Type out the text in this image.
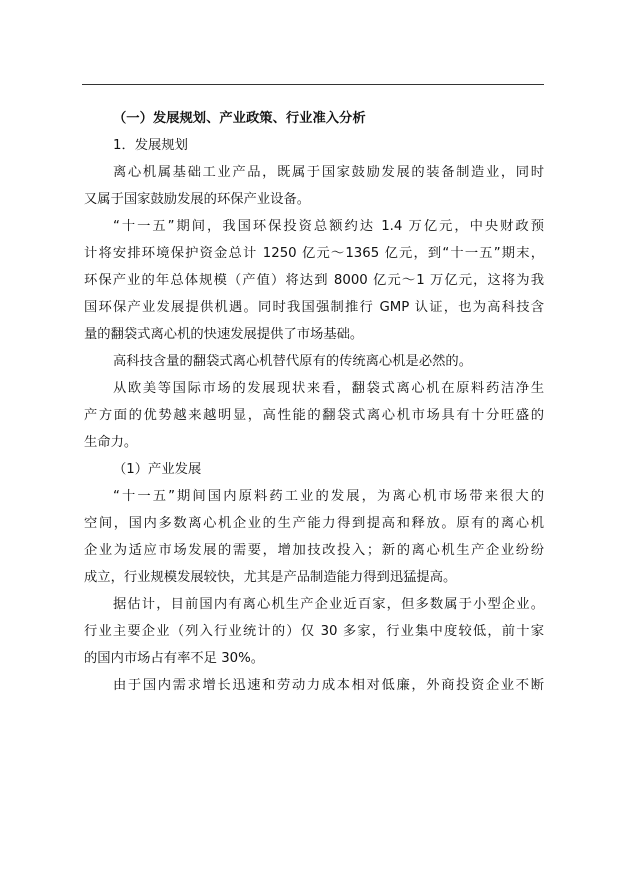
（一）发展规划、产业政策、行业准入分析
1．发展规划
离心机属基础工业产品，既属于国家鼓励发展的装备制造业，同时
又属于国家鼓励发展的环保产业设备。
“十一五”期间，我国环保投资总额约达 1.4 万亿元，中央财政预
计将安排环境保护资金总计 1250 亿元～1365 亿元，到“十一五”期末，
环保产业的年总体规模（产值）将达到 8000 亿元～1 万亿元，这将为我
国环保产业发展提供机遇。同时我国强制推行 GMP 认证，也为高科技含
量的翻袋式离心机的快速发展提供了市场基础。
高科技含量的翻袋式离心机替代原有的传统离心机是必然的。
从欧美等国际市场的发展现状来看，翻袋式离心机在原料药洁净生
产方面的优势越来越明显，高性能的翻袋式离心机市场具有十分旺盛的
生命力。
（1）产业发展
“十一五”期间国内原料药工业的发展，为离心机市场带来很大的
空间，国内多数离心机企业的生产能力得到提高和释放。原有的离心机
企业为适应市场发展的需要，增加技改投入；新的离心机生产企业纷纷
成立，行业规模发展较快，尤其是产品制造能力得到迅猛提高。
据估计，目前国内有离心机生产企业近百家，但多数属于小型企业。
行业主要企业（列入行业统计的）仅 30 多家，行业集中度较低，前十家
的国内市场占有率不足 30%。
由于国内需求增长迅速和劳动力成本相对低廉，外商投资企业不断
